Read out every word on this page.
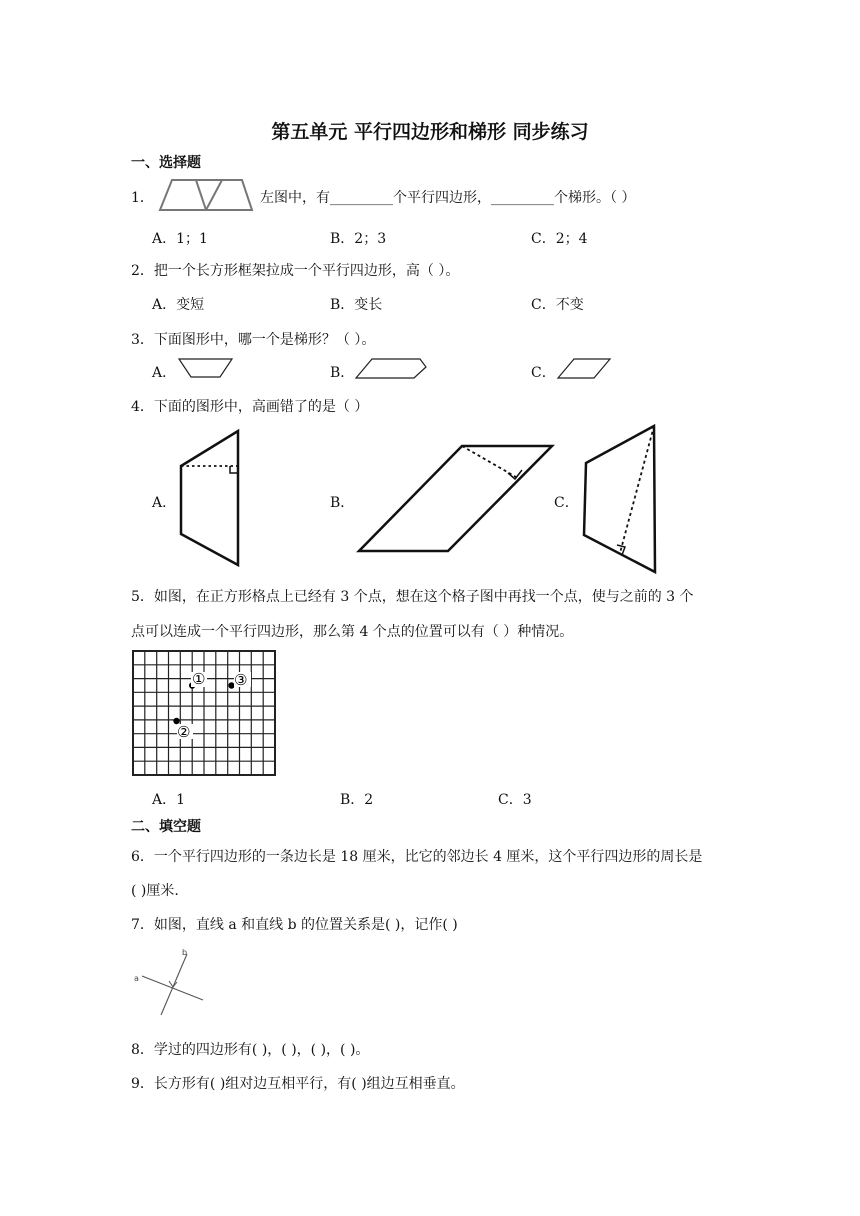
第五单元 平行四边形和梯形 同步练习
一、选择题
1．	左图中，有_________个平行四边形，_________个梯形。（ ）
A．1；1	B．2；3	C．2；4
2．把一个长方形框架拉成一个平行四边形，高（ ）。
A．变短	B．变长	C．不变
3．下面图形中，哪一个是梯形？（ ）。
A．	B．	C．
4．下面的图形中，高画错了的是（ ）
A．	B．	C．
5．如图，在正方形格点上已经有 3 个点，想在这个格子图中再找一个点，使与之前的 3 个
点可以连成一个平行四边形，那么第 4 个点的位置可以有（ ）种情况。
① ③
②
A．1	B．2	C．3
二、填空题
6．一个平行四边形的一条边长是 18 厘米，比它的邻边长 4 厘米，这个平行四边形的周长是
( )厘米.
7．如图，直线 a 和直线 b 的位置关系是( )，记作( )
a
b
8．学过的四边形有( )，( )，( )，( )。
9．长方形有( )组对边互相平行，有( )组边互相垂直。
